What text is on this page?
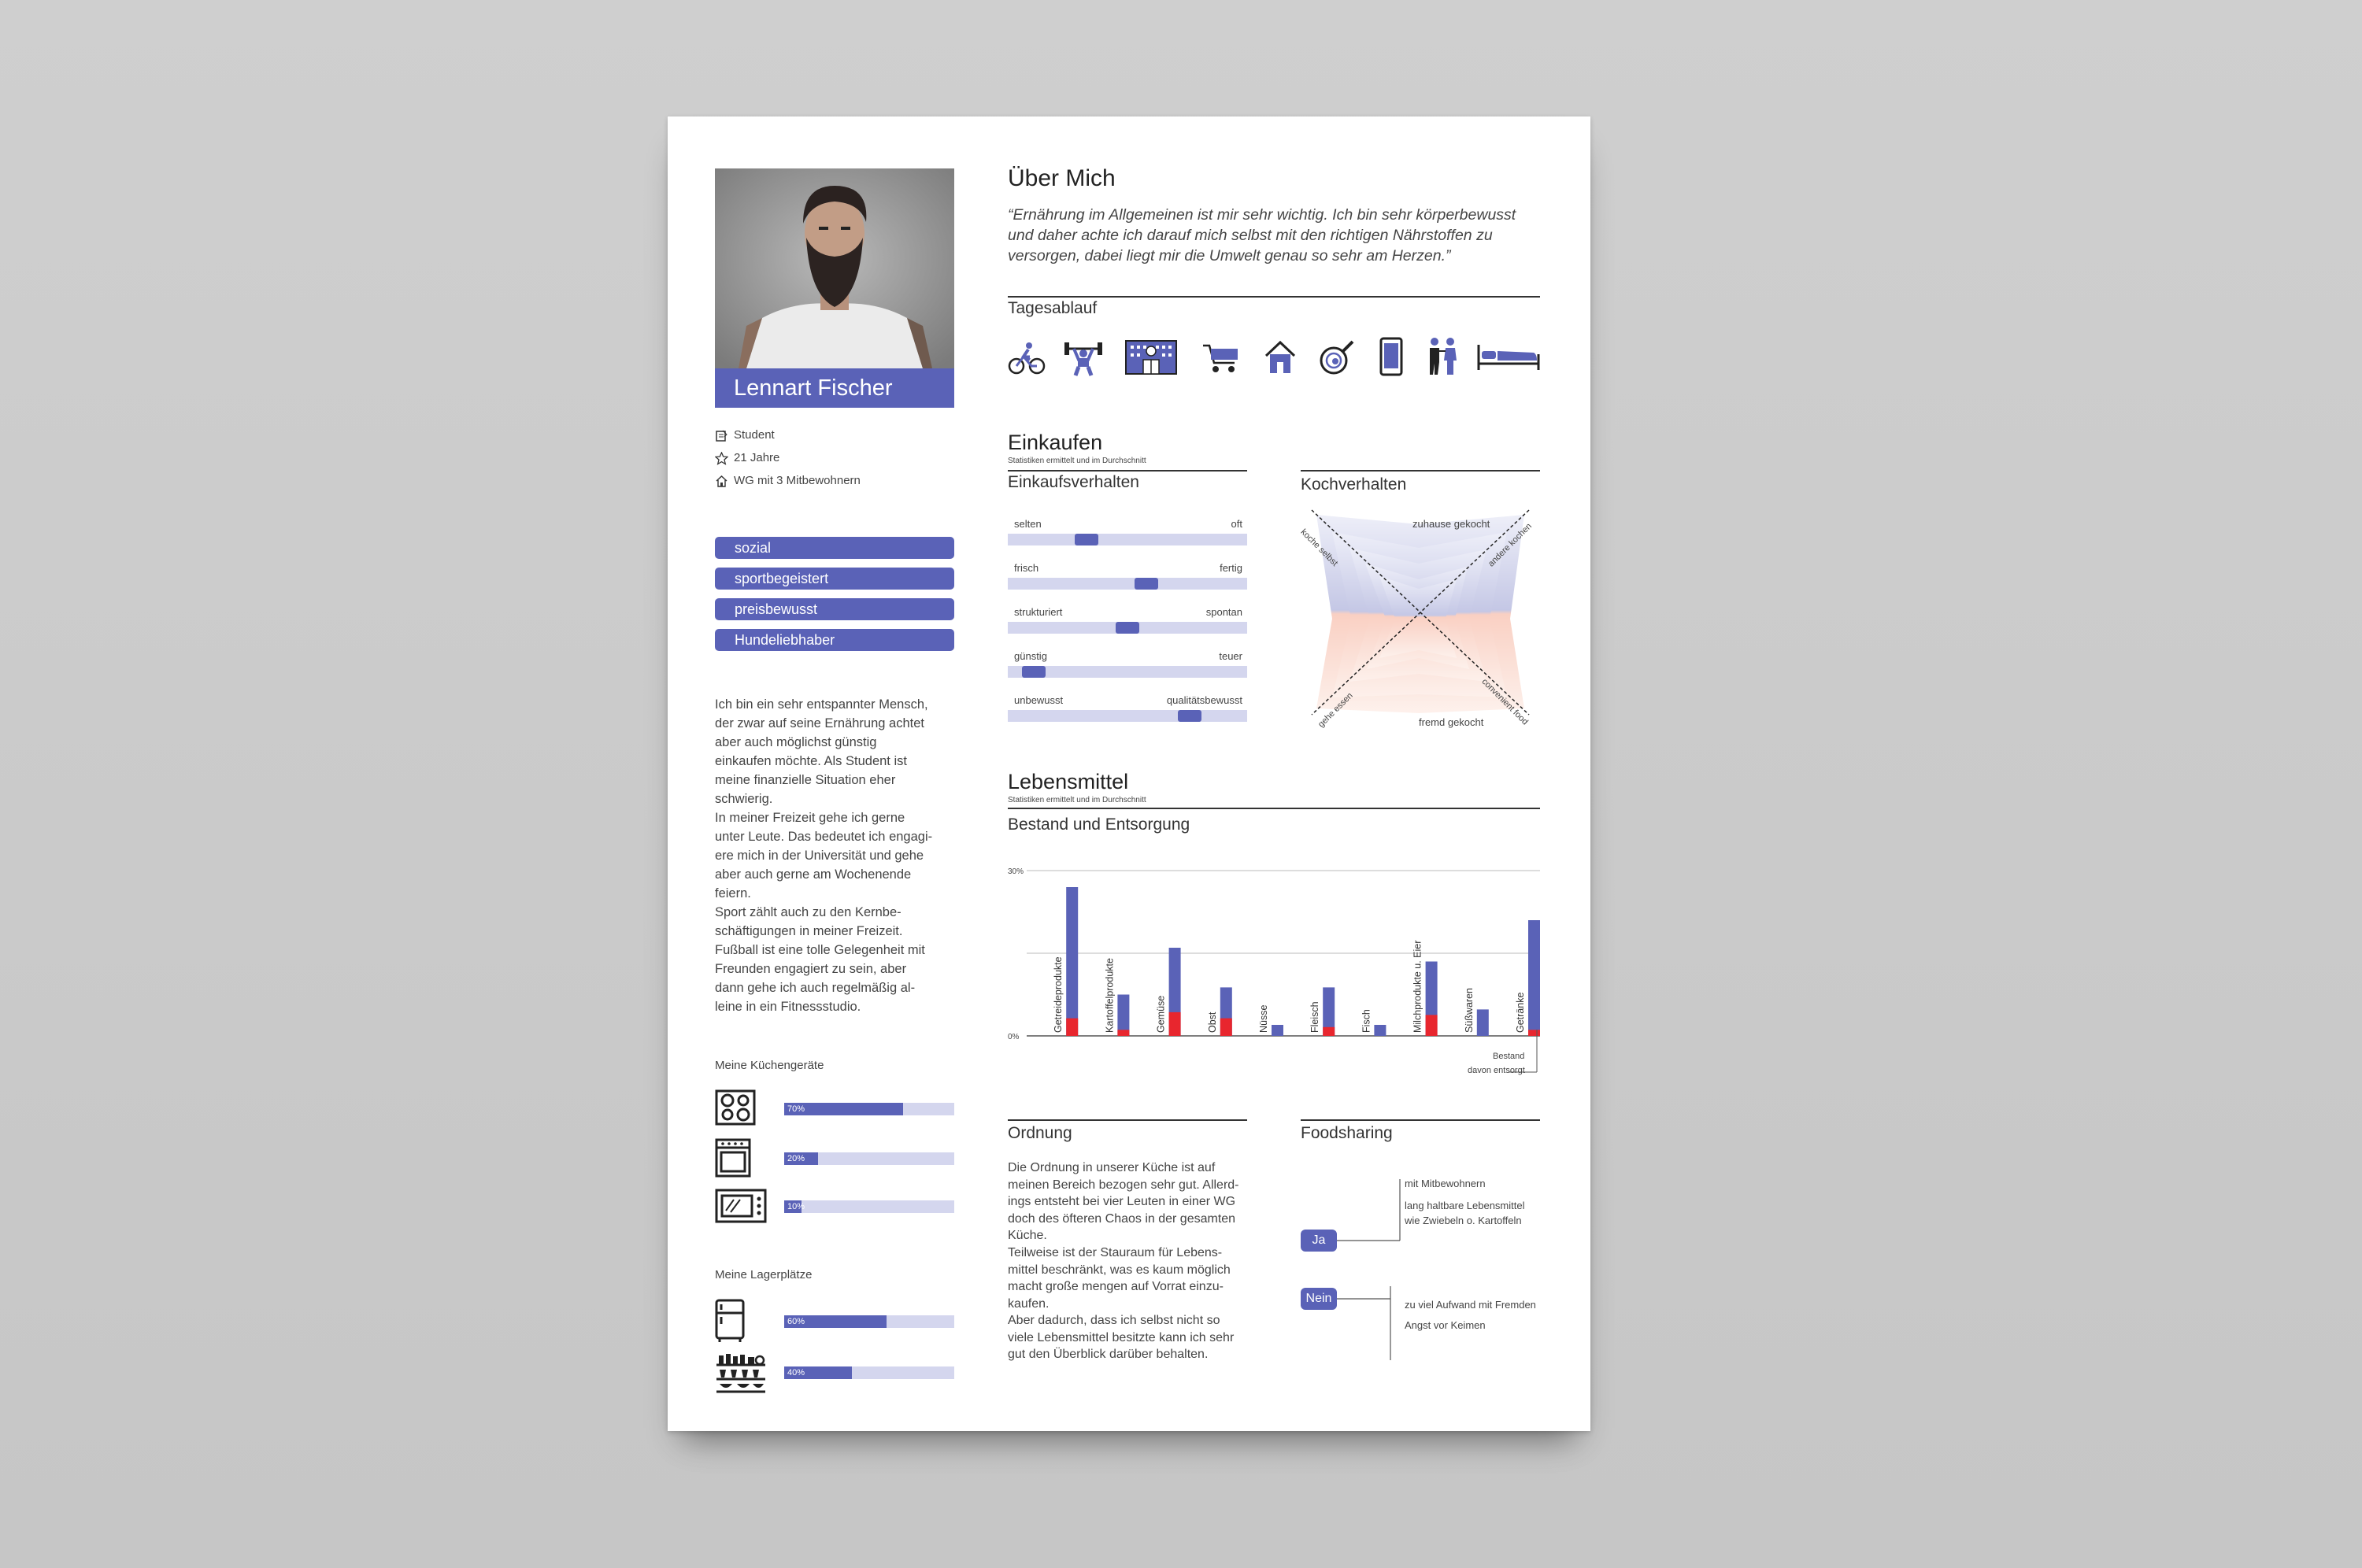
Lennart Fischer
Student
21 Jahre
WG mit 3 Mitbewohnern
sozial
sportbegeistert
preisbewusst
Hundeliebhaber
Ich bin ein sehr entspannter Mensch,
der zwar auf seine Ernährung achtet
aber auch möglichst günstig
einkaufen möchte. Als Student ist
meine finanzielle Situation eher
schwierig.
In meiner Freizeit gehe ich gerne
unter Leute. Das bedeutet ich engagi-
ere mich in der Universität und gehe
aber auch gerne am Wochenende
feiern.
Sport zählt auch zu den Kernbe-
schäftigungen in meiner Freizeit.
Fußball ist eine tolle Gelegenheit mit
Freunden engagiert zu sein, aber
dann gehe ich auch regelmäßig al-
leine in ein Fitnessstudio.
Meine Küchengeräte
70%
20%
10%
Meine Lagerplätze
60%
40%
Über Mich
“Ernährung im Allgemeinen ist mir sehr wichtig. Ich bin sehr körperbewusst
und daher achte ich darauf mich selbst mit den richtigen Nährstoffen zu
versorgen, dabei liegt mir die Umwelt genau so sehr am Herzen.”
Tagesablauf
Einkaufen
Statistiken ermittelt und im Durchschnitt
Einkaufsverhalten	Kochverhalten
zuhause gekocht
fremd gekocht
koche selbst	andere kochen
gehe essen	convenient food
Lebensmittel
Statistiken ermittelt und im Durchschnitt
Bestand und Entsorgung
30%
0%
Getreideprodukte	Kartoffelprodukte	Gemüse	Obst	Nüsse	Fleisch	Fisch	Milchprodukte u. Eier	Süßwaren	Getränke
Ordnung
Die Ordnung in unserer Küche ist auf
meinen Bereich bezogen sehr gut. Allerd-
ings entsteht bei vier Leuten in einer WG
doch des öfteren Chaos in der gesamten
Küche.
Teilweise ist der Stauraum für Lebens-
mittel beschränkt, was es kaum möglich
macht große mengen auf Vorrat einzu-
kaufen.
Aber dadurch, dass ich selbst nicht so
viele Lebensmittel besitzte kann ich sehr
gut den Überblick darüber behalten.
Foodsharing
Ja
Nein
mit Mitbewohnern
lang haltbare Lebensmittel
wie Zwiebeln o. Kartoffeln
zu viel Aufwand mit Fremden
Angst vor Keimen
selten	oft
frisch	fertig
strukturiert	spontan
günstig	teuer
unbewusst	qualitätsbewusst
Bestand
davon entsorgt
